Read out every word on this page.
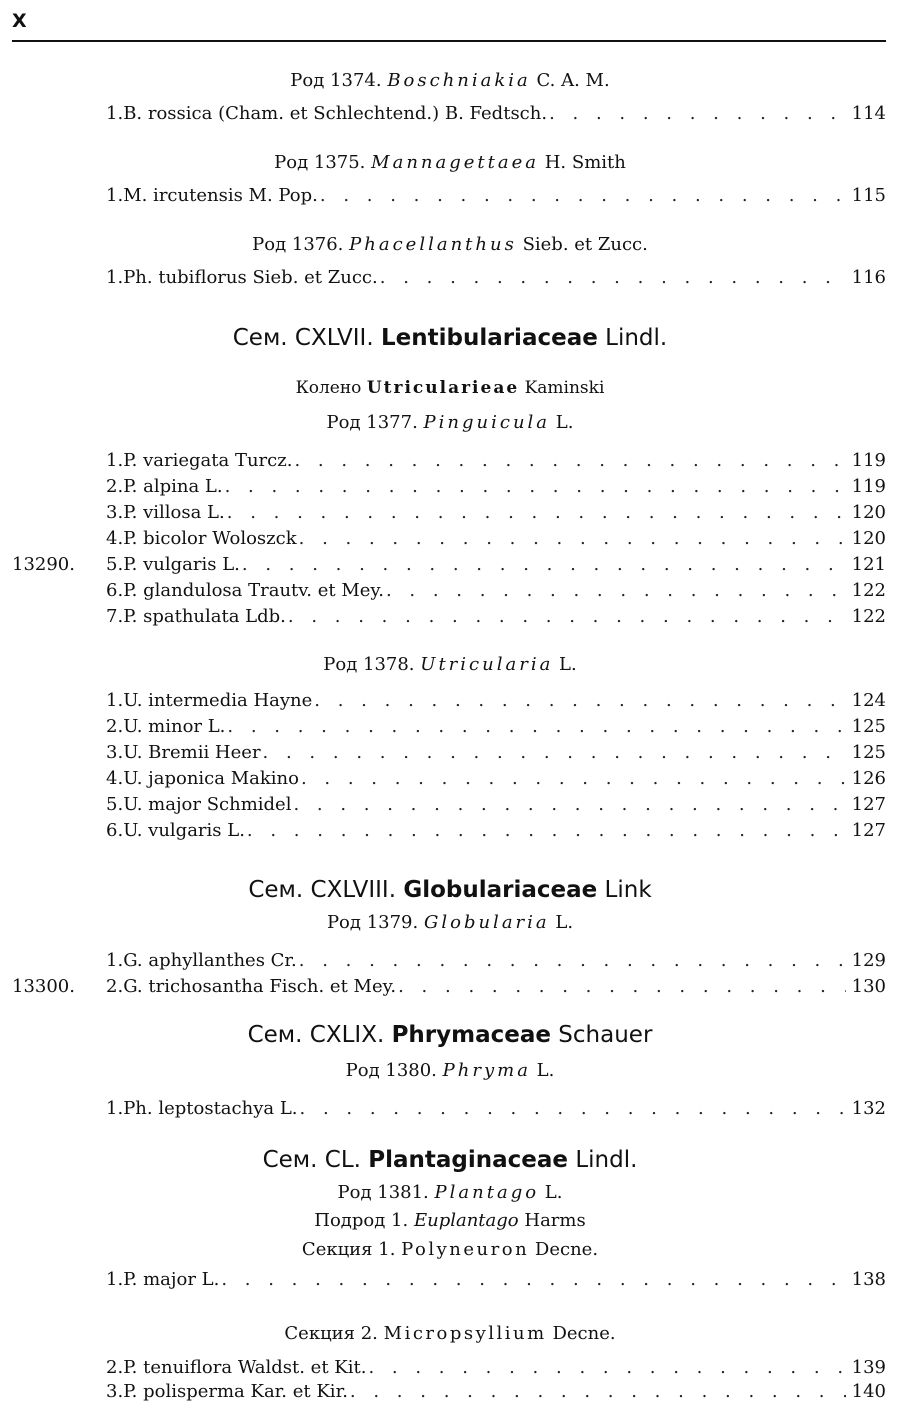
X
Род 1374. Boschniakia C. A. M.
1. B. rossica (Cham. et Schlechtend.) B. Fedtsch. . . .	114
Род 1375. Mannagettaea H. Smith
1. M. ircutensis M. Pop. . . .	115
Род 1376. Phacellanthus Sieb. et Zucc.
1. Ph. tubiflorus Sieb. et Zucc. . . .	116
Сем. CXLVII. Lentibulariaceae Lindl.
Колено Utricularieae Kaminski
Род 1377. Pinguicula L.
1. P. variegata Turcz. . . .	119
2. P. alpina L. . . .	119
3. P. villosa L. . . .	120
4. P. bicolor Woloszck . . .	120
5. P. vulgaris L. . . .	121
13290.
6. P. glandulosa Trautv. et Mey. . . .	122
7. P. spathulata Ldb. . . .	122
Род 1378. Utricularia L.
1. U. intermedia Hayne . . .	124
2. U. minor L. . . .	125
3. U. Bremii Heer . . .	125
4. U. japonica Makino . . .	126
5. U. major Schmidel . . .	127
6. U. vulgaris L. . . .	127
Сем. CXLVIII. Globulariaceae Link
Род 1379. Globularia L.
1. G. aphyllanthes Cr. . . .	129
2. G. trichosantha Fisch. et Mey. . . .	130
13300.
Сем. CXLIX. Phrymaceae Schauer
Род 1380. Phryma L.
1. Ph. leptostachya L. . . .	132
Сем. CL. Plantaginaceae Lindl.
Род 1381. Plantago L.
Подрод 1. Euplantago Harms
Секция 1. Polyneuron Decne.
1. P. major L. . . .	138
Секция 2. Micropsyllium Decne.
2. P. tenuiflora Waldst. et Kit. . . .	139
3. P. polisperma Kar. et Kir. . . .	140
